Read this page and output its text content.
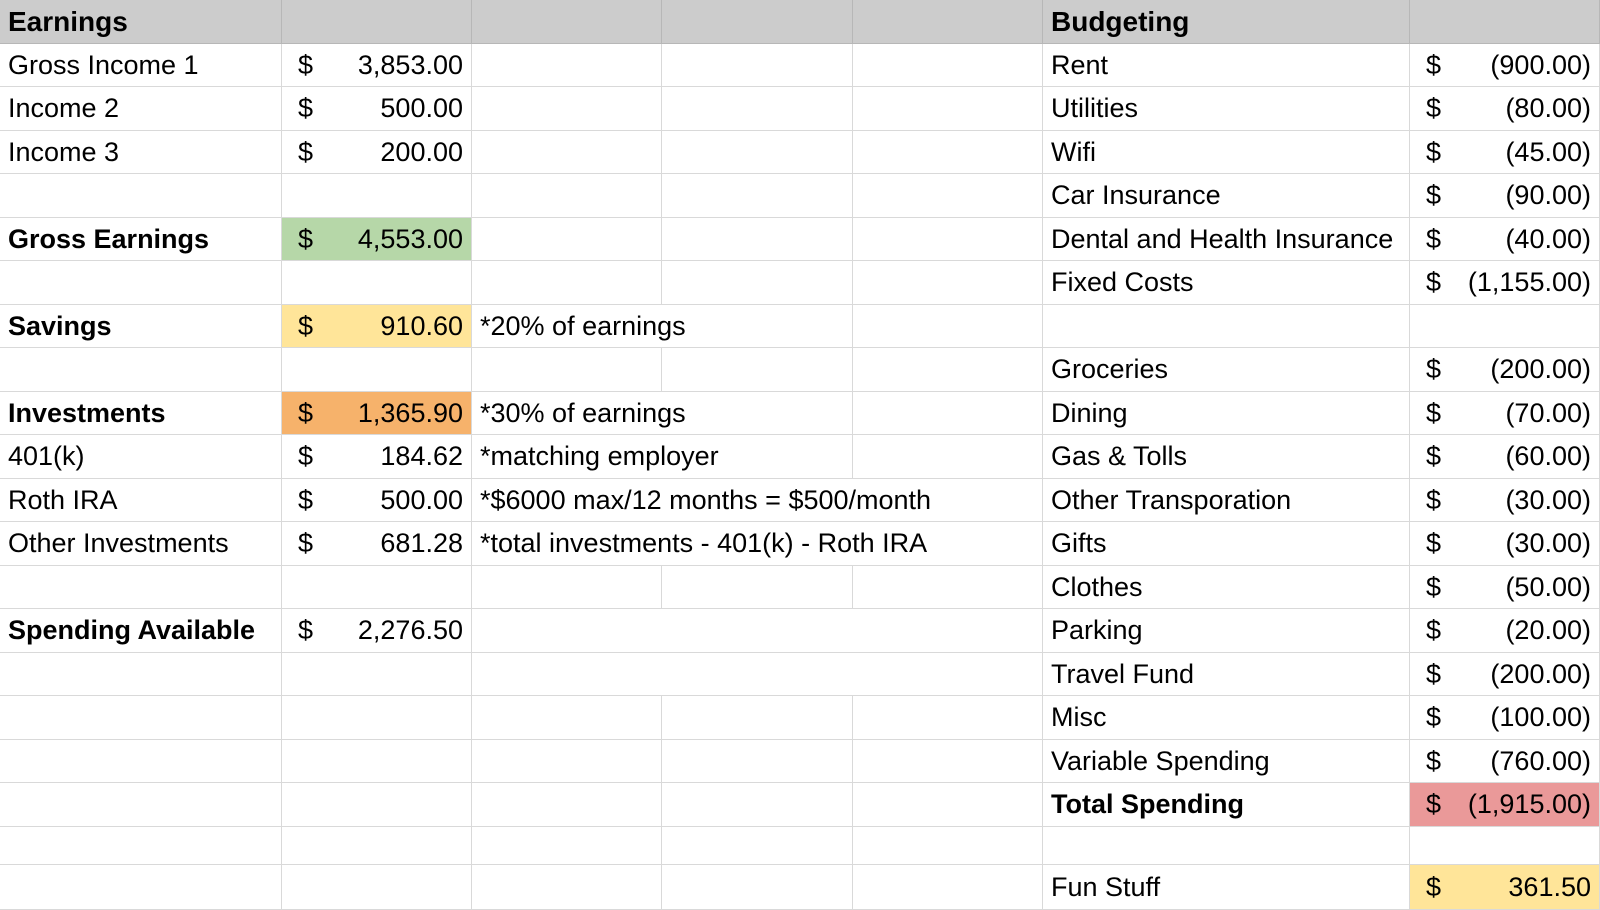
Earnings	Budgeting
Gross Income 1	$ 3,853.00	Rent	$ (900.00)
Income 2	$ 500.00	Utilities	$ (80.00)
Income 3	$ 200.00	Wifi	$ (45.00)
Car Insurance	$ (90.00)
Gross Earnings	$ 4,553.00	Dental and Health Insurance $ (40.00)
Fixed Costs	$ (1,155.00)
Savings	$ 910.60 *20% of earnings
Groceries	$ (200.00)
Investments	$ 1,365.90 *30% of earnings	Dining	$ (70.00)
401(k)	$ 184.62 *matching employer	Gas & Tolls	$ (60.00)
Roth IRA	$ 500.00 *$6000 max/12 months = $500/month	Other Transporation	$ (30.00)
Other Investments	$ 681.28 *total investments - 401(k) - Roth IRA	Gifts	$ (30.00)
Clothes	$ (50.00)
Spending Available $ 2,276.50	Parking	$ (20.00)
Travel Fund	$ (200.00)
Misc	$ (100.00)
Variable Spending	$ (760.00)
Total Spending	$ (1,915.00)
Fun Stuff	$ 361.50
